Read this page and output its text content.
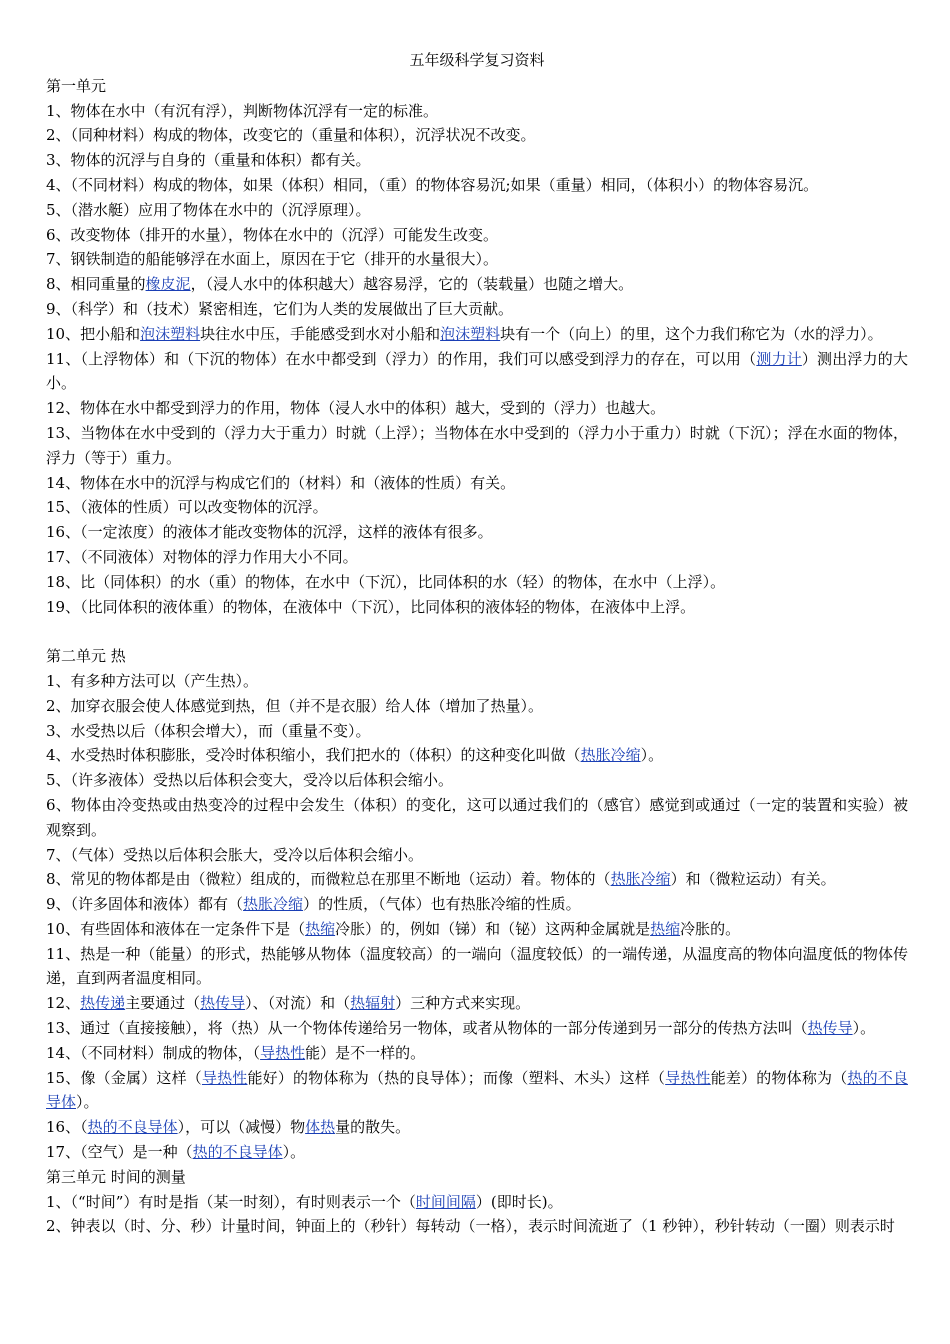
五年级科学复习资料
第一单元

1、物体在水中（有沉有浮），判断物体沉浮有一定的标准。

2、（同种材料）构成的物体，改变它的（重量和体积），沉浮状况不改变。

3、物体的沉浮与自身的（重量和体积）都有关。

4、（不同材料）构成的物体，如果（体积）相同，（重）的物体容易沉;如果（重量）相同，（体积小）的物体容易沉。

5、（潜水艇）应用了物体在水中的（沉浮原理）。

6、改变物体（排开的水量），物体在水中的（沉浮）可能发生改变。

7、钢铁制造的船能够浮在水面上，原因在于它（排开的水量很大）。

8、相同重量的橡皮泥，（浸人水中的体积越大）越容易浮，它的（装载量）也随之增大。

9、（科学）和（技术）紧密相连，它们为人类的发展做出了巨大贡献。

10、把小船和泡沫塑料块往水中压，手能感受到水对小船和泡沫塑料块有一个（向上）的里，这个力我们称它为（水的浮力）。

11、（上浮物体）和（下沉的物体）在水中都受到（浮力）的作用，我们可以感受到浮力的存在，可以用（测力计）测出浮力的大小。

12、物体在水中都受到浮力的作用，物体（浸人水中的体积）越大，受到的（浮力）也越大。

13、当物体在水中受到的（浮力大于重力）时就（上浮）；当物体在水中受到的（浮力小于重力）时就（下沉）；浮在水面的物体，浮力（等于）重力。

14、物体在水中的沉浮与构成它们的（材料）和（液体的性质）有关。

15、（液体的性质）可以改变物体的沉浮。

16、（一定浓度）的液体才能改变物体的沉浮，这样的液体有很多。

17、（不同液体）对物体的浮力作用大小不同。

18、比（同体积）的水（重）的物体，在水中（下沉），比同体积的水（轻）的物体，在水中（上浮）。

19、（比同体积的液体重）的物体，在液体中（下沉），比同体积的液体轻的物体，在液体中上浮。

第二单元 热

1、有多种方法可以（产生热）。

2、加穿衣服会使人体感觉到热，但（并不是衣服）给人体（增加了热量）。

3、水受热以后（体积会增大），而（重量不变）。

4、水受热时体积膨胀，受冷时体积缩小，我们把水的（体积）的这种变化叫做（热胀冷缩）。

5、（许多液体）受热以后体积会变大，受冷以后体积会缩小。

6、物体由冷变热或由热变冷的过程中会发生（体积）的变化，这可以通过我们的（感官）感觉到或通过（一定的装置和实验）被观察到。

7、（气体）受热以后体积会胀大，受冷以后体积会缩小。

8、常见的物体都是由（微粒）组成的，而微粒总在那里不断地（运动）着。物体的（热胀冷缩）和（微粒运动）有关。

9、（许多固体和液体）都有（热胀冷缩）的性质，（气体）也有热胀冷缩的性质。

10、有些固体和液体在一定条件下是（热缩冷胀）的，例如（锑）和（铋）这两种金属就是热缩冷胀的。

11、热是一种（能量）的形式，热能够从物体（温度较高）的一端向（温度较低）的一端传递，从温度高的物体向温度低的物体传递，直到两者温度相同。

12、热传递主要通过（热传导）、（对流）和（热辐射）三种方式来实现。

13、通过（直接接触），将（热）从一个物体传递给另一物体，或者从物体的一部分传递到另一部分的传热方法叫（热传导）。

14、（不同材料）制成的物体，（导热性能）是不一样的。

15、像（金属）这样（导热性能好）的物体称为（热的良导体）；而像（塑料、木头）这样（导热性能差）的物体称为（热的不良导体）。

16、（热的不良导体），可以（减慢）物体热量的散失。

17、（空气）是一种（热的不良导体）。

第三单元 时间的测量

1、（“时间”）有时是指（某一时刻），有时则表示一个（时间间隔）(即时长)。

2、钟表以（时、分、秒）计量时间，钟面上的（秒针）每转动（一格），表示时间流逝了（1 秒钟），秒针转动（一圈）则表示时
